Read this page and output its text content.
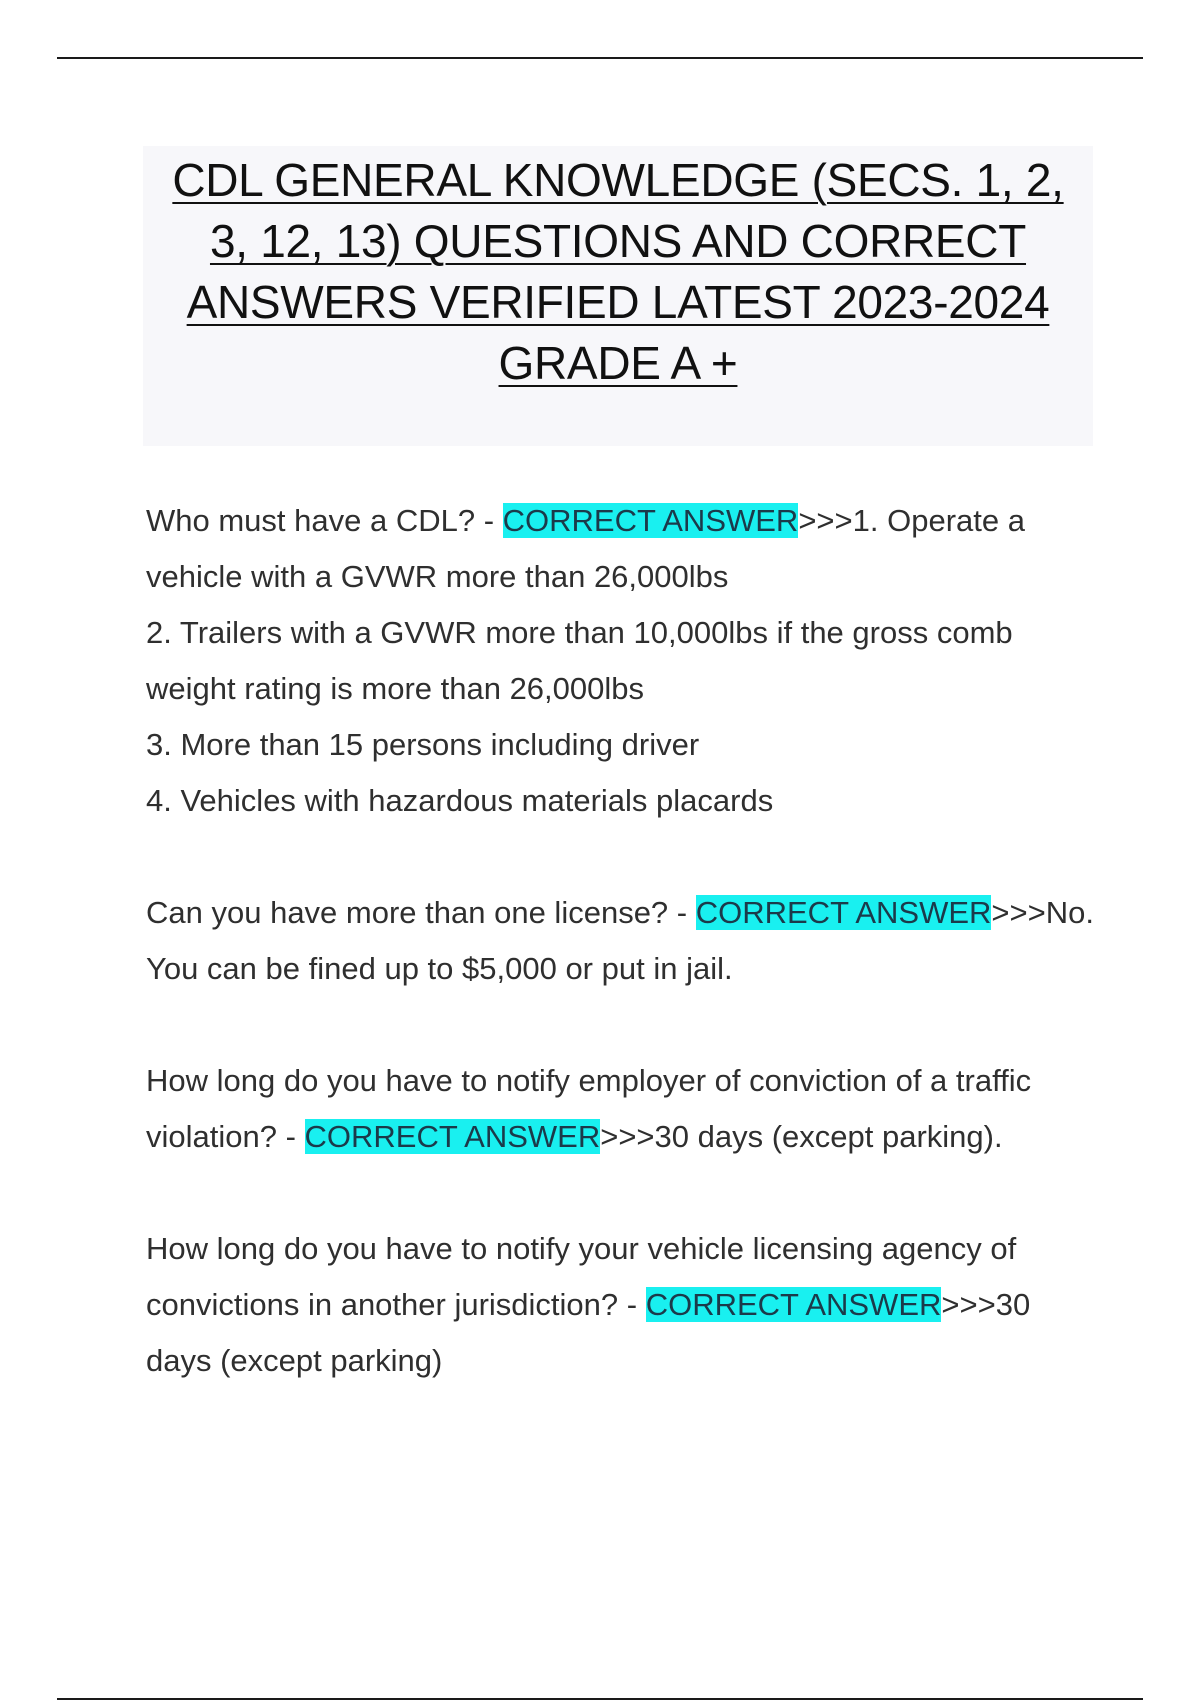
CDL GENERAL KNOWLEDGE (SECS. 1, 2, 3, 12, 13) QUESTIONS AND CORRECT ANSWERS VERIFIED LATEST 2023-2024 GRADE A +

Who must have a CDL? - CORRECT ANSWER>>>1. Operate a vehicle with a GVWR more than 26,000lbs
2. Trailers with a GVWR more than 10,000lbs if the gross comb weight rating is more than 26,000lbs
3. More than 15 persons including driver
4. Vehicles with hazardous materials placards

Can you have more than one license? - CORRECT ANSWER>>>No. You can be fined up to $5,000 or put in jail.

How long do you have to notify employer of conviction of a traffic violation? - CORRECT ANSWER>>>30 days (except parking).

How long do you have to notify your vehicle licensing agency of convictions in another jurisdiction? - CORRECT ANSWER>>>30 days (except parking)
